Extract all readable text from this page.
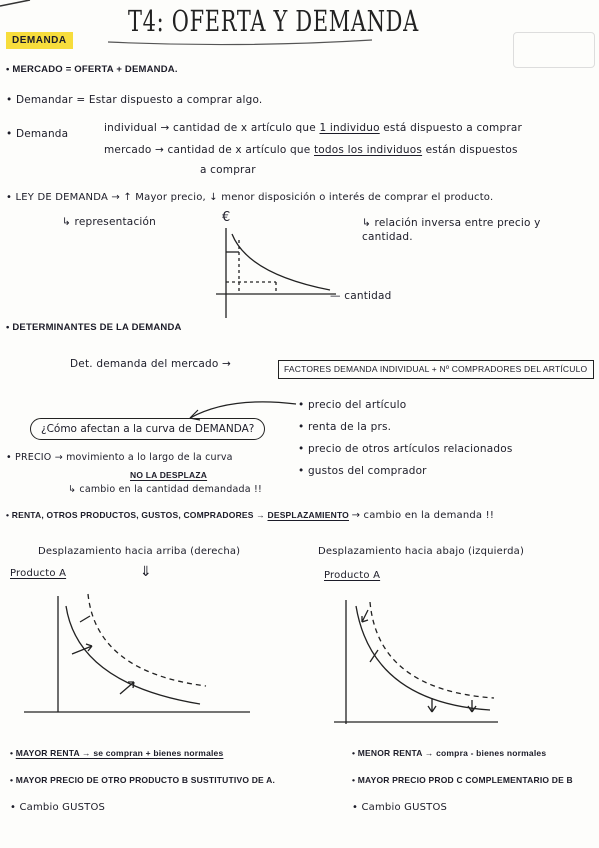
T4: OFERTA Y DEMANDA
DEMANDA
• MERCADO = OFERTA + DEMANDA.
• Demandar = Estar dispuesto a comprar algo.
• Demanda	individual → cantidad de x artículo que 1 individuo está dispuesto a comprar
mercado → cantidad de x artículo que todos los individuos están dispuestos
a comprar
• LEY DE DEMANDA → ↑ Mayor precio, ↓ menor disposición o interés de comprar el producto.
↳ representación	↳ relación inversa entre precio y cantidad.
€
— cantidad
• DETERMINANTES DE LA DEMANDA
Det. demanda del mercado →	FACTORES DEMANDA INDIVIDUAL + Nº COMPRADORES DEL ARTÍCULO
• precio del artículo
• renta de la prs.
• precio de otros artículos relacionados
• gustos del comprador
¿Cómo afectan a la curva de DEMANDA?
• PRECIO → movimiento a lo largo de la curva
NO LA DESPLAZA
↳ cambio en la cantidad demandada !!
• RENTA, OTROS PRODUCTOS, GUSTOS, COMPRADORES → DESPLAZAMIENTO → cambio en la demanda !!
Desplazamiento hacia arriba (derecha)	Desplazamiento hacia abajo (izquierda)
Producto A	Producto A
⇓
• MAYOR RENTA → se compran + bienes normales
• MAYOR PRECIO DE OTRO PRODUCTO B SUSTITUTIVO DE A.
• Cambio GUSTOS
• MENOR RENTA → compra - bienes normales
• MAYOR PRECIO PROD C COMPLEMENTARIO DE B
• Cambio GUSTOS
